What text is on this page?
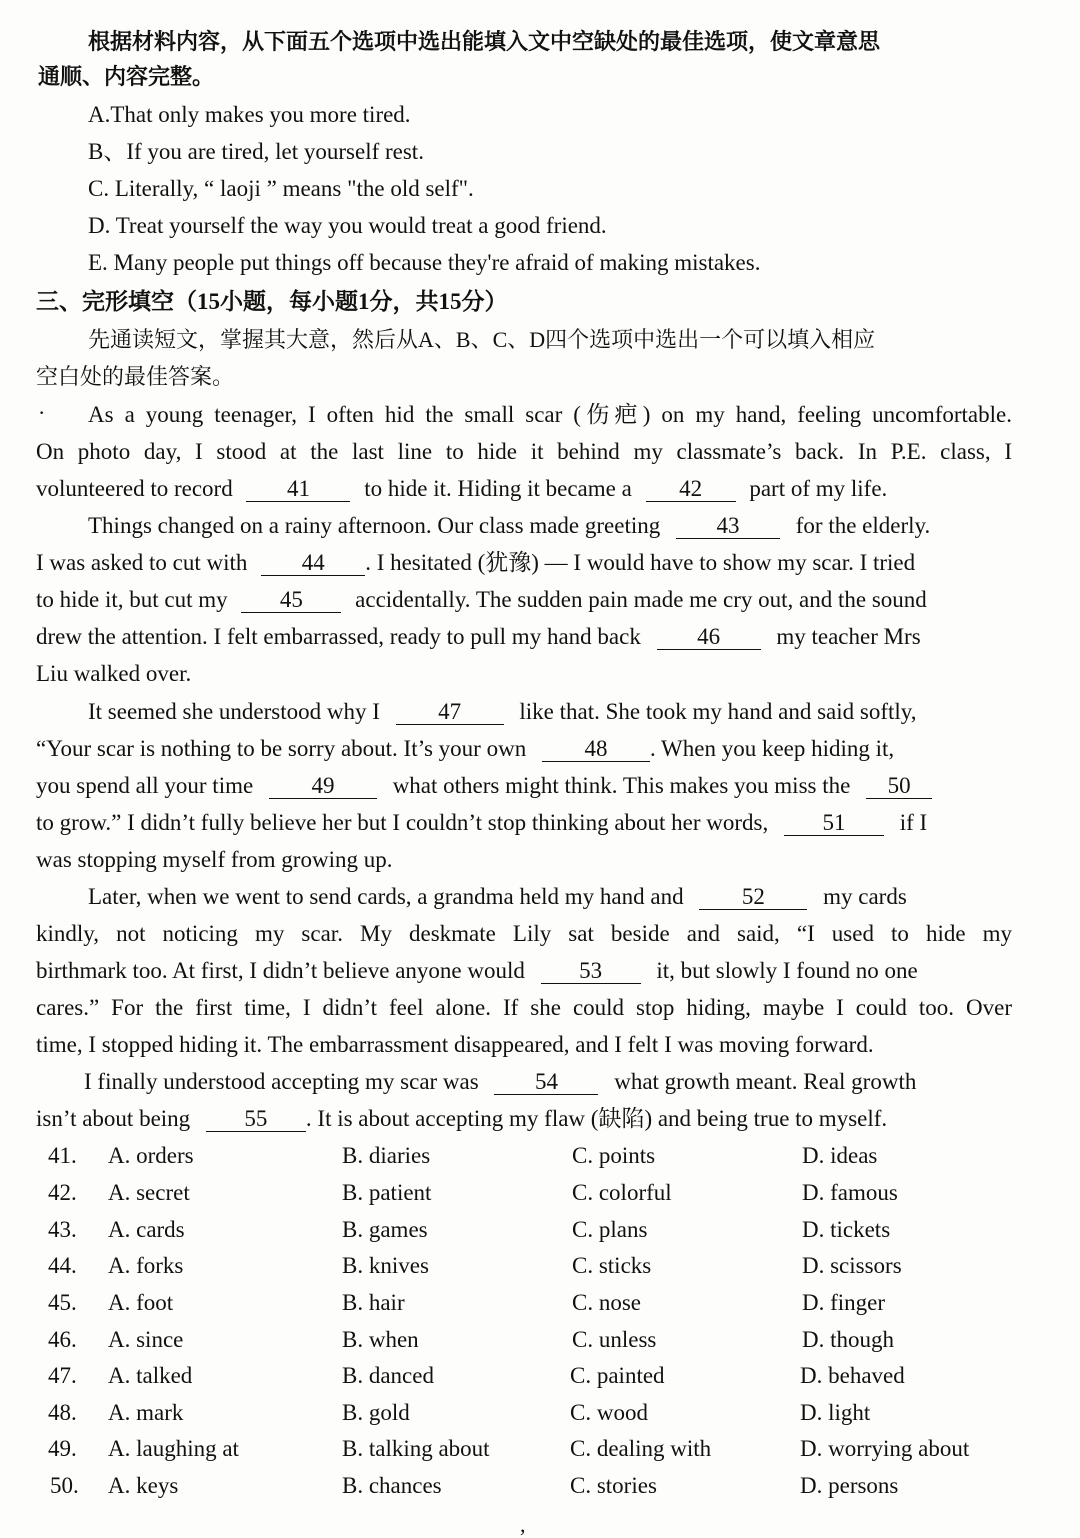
根据材料内容，从下面五个选项中选出能填入文中空缺处的最佳选项，使文章意思
通顺、内容完整。
A.That only makes you more tired.
B、If you are tired, let yourself rest.
C. Literally, “ laoji ” means "the old self".
D. Treat yourself the way you would treat a good friend.
E. Many people put things off because they're afraid of making mistakes.
三、完形填空（15小题，每小题1分，共15分）
先通读短文，掌握其大意，然后从A、B、C、D四个选项中选出一个可以填入相应
空白处的最佳答案。
· As a young teenager, I often hid the small scar (伤疤) on my hand, feeling uncomfortable.
On photo day, I stood at the last line to hide it behind my classmate’s back. In P.E. class, I
volunteered to record 41 to hide it. Hiding it became a 42 part of my life.
Things changed on a rainy afternoon. Our class made greeting 43 for the elderly.
I was asked to cut with 44 . I hesitated (犹豫) — I would have to show my scar. I tried
to hide it, but cut my 45 accidentally. The sudden pain made me cry out, and the sound
drew the attention. I felt embarrassed, ready to pull my hand back 46 my teacher Mrs
Liu walked over.
It seemed she understood why I	47	like that. She took my hand and said softly,
“Your scar is nothing to be sorry about. It’s your own	48 . When you keep hiding it,
you spend all your time	49	what others might think. This makes you miss the 50
to grow.” I didn’t fully believe her but I couldn’t stop thinking about her words, 51 if I
was stopping myself from growing up.
Later, when we went to send cards, a grandma held my hand and	52	my cards
kindly, not noticing my scar. My deskmate Lily sat beside and said, “I used to hide my
birthmark too. At first, I didn’t believe anyone would 53 it, but slowly I found no one
cares.” For the first time, I didn’t feel alone. If she could stop hiding, maybe I could too. Over
time, I stopped hiding it. The embarrassment disappeared, and I felt I was moving forward.
I finally understood accepting my scar was 54 what growth meant. Real growth
isn’t about being 55 . It is about accepting my flaw (缺陷) and being true to myself.
41. A. orders	B. diaries	C. points	D. ideas
42. A. secret	B. patient	C. colorful	D. famous
43. A. cards	B. games	C. plans	D. tickets
44. A. forks	B. knives	C. sticks	D. scissors
45. A. foot	B. hair	C. nose	D. finger
46. A. since	B. when	C. unless	D. though
47. A. talked	B. danced	C. painted	D. behaved
48. A. mark	B. gold	C. wood	D. light
49. A. laughing at	B. talking about	C. dealing with	D. worrying about
50. A. keys	B. chances	C. stories	D. persons
,
